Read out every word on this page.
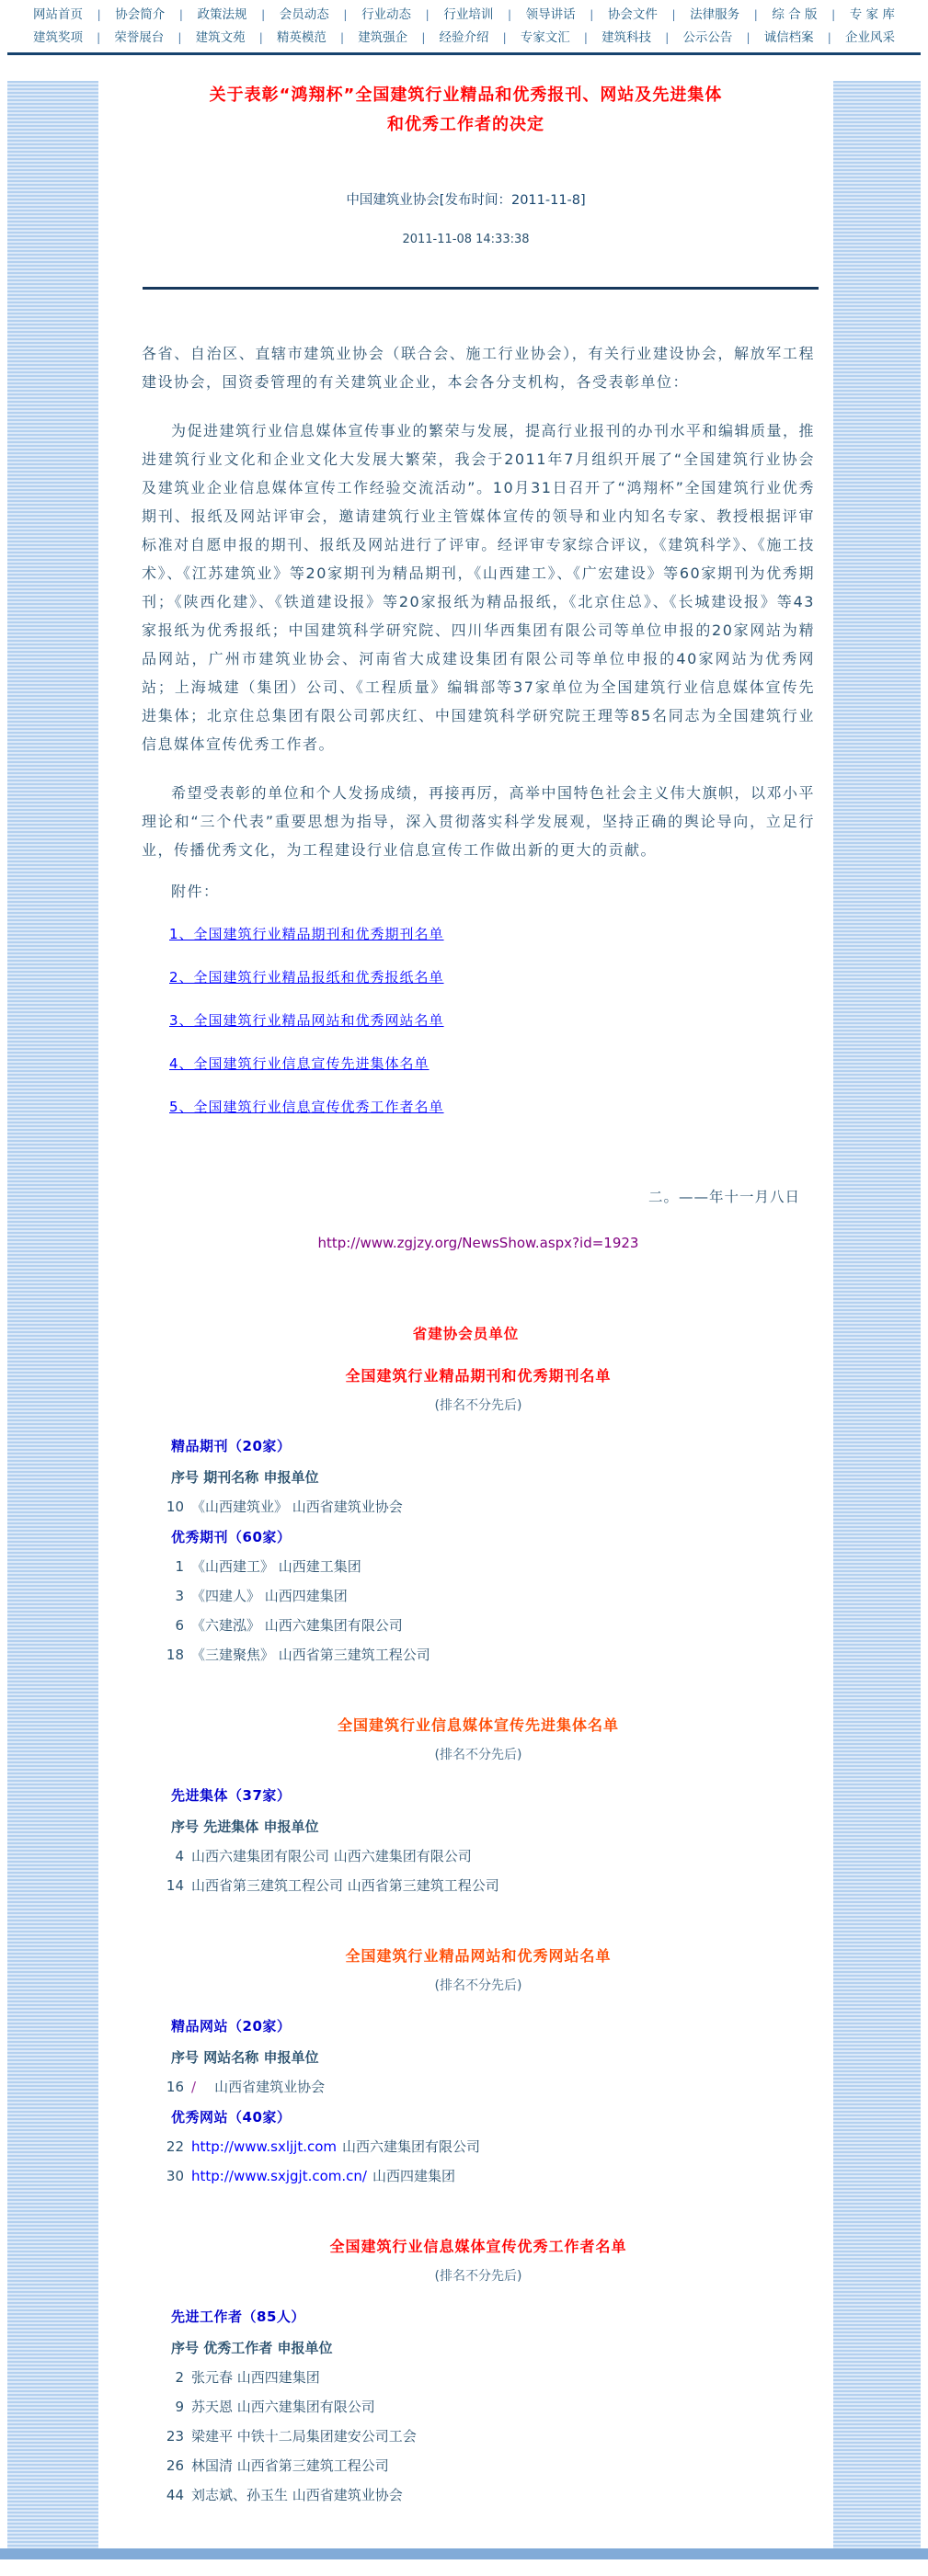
网站首页 | 协会简介 | 政策法规 | 会员动态 | 行业动态 | 行业培训 | 领导讲话 | 协会文件 | 法律服务 | 综 合 版 | 专 家 库
建筑奖项 | 荣誉展台 | 建筑文苑 | 精英模范 | 建筑强企 | 经验介绍 | 专家文汇 | 建筑科技 | 公示公告 | 诚信档案 | 企业风采
关于表彰“鸿翔杯”全国建筑行业精品和优秀报刊、网站及先进集体和优秀工作者的决定
中国建筑业协会[发布时间：2011-11-8]
2011-11-08 14:33:38

各省、自治区、直辖市建筑业协会（联合会、施工行业协会），有关行业建设协会，解放军工程建设协会，国资委管理的有关建筑业企业，本会各分支机构，各受表彰单位：

为促进建筑行业信息媒体宣传事业的繁荣与发展，提高行业报刊的办刊水平和编辑质量，推进建筑行业文化和企业文化大发展大繁荣，我会于2011年7月组织开展了“全国建筑行业协会及建筑业企业信息媒体宣传工作经验交流活动”。10月31日召开了“鸿翔杯”全国建筑行业优秀期刊、报纸及网站评审会，邀请建筑行业主管媒体宣传的领导和业内知名专家、教授根据评审标准对自愿申报的期刊、报纸及网站进行了评审。经评审专家综合评议，《建筑科学》、《施工技术》、《江苏建筑业》等20家期刊为精品期刊，《山西建工》、《广宏建设》等60家期刊为优秀期刊；《陕西化建》、《铁道建设报》等20家报纸为精品报纸，《北京住总》、《长城建设报》等43家报纸为优秀报纸；中国建筑科学研究院、四川华西集团有限公司等单位申报的20家网站为精品网站，广州市建筑业协会、河南省大成建设集团有限公司等单位申报的40家网站为优秀网站；上海城建（集团）公司、《工程质量》编辑部等37家单位为全国建筑行业信息媒体宣传先进集体；北京住总集团有限公司郭庆红、中国建筑科学研究院王理等85名同志为全国建筑行业信息媒体宣传优秀工作者。

希望受表彰的单位和个人发扬成绩，再接再厉，高举中国特色社会主义伟大旗帜，以邓小平理论和“三个代表”重要思想为指导，深入贯彻落实科学发展观，坚持正确的舆论导向，立足行业，传播优秀文化，为工程建设行业信息宣传工作做出新的更大的贡献。

附件：

1、全国建筑行业精品期刊和优秀期刊名单

2、全国建筑行业精品报纸和优秀报纸名单

3、全国建筑行业精品网站和优秀网站名单

4、全国建筑行业信息宣传先进集体名单

5、全国建筑行业信息宣传优秀工作者名单

二。——年十一月八日

http://www.zgjzy.org/NewsShow.aspx?id=1923

省建协会员单位
全国建筑行业精品期刊和优秀期刊名单

(排名不分先后)

精品期刊（20家）

序号 期刊名称 申报单位

10 《山西建筑业》 山西省建筑业协会

优秀期刊（60家）

1 《山西建工》 山西建工集团

3 《四建人》 山西四建集团

6 《六建泓》 山西六建集团有限公司

18 《三建聚焦》 山西省第三建筑工程公司

全国建筑行业信息媒体宣传先进集体名单

(排名不分先后)

先进集体（37家）

序号 先进集体 申报单位

4 山西六建集团有限公司 山西六建集团有限公司

14 山西省第三建筑工程公司 山西省第三建筑工程公司

全国建筑行业精品网站和优秀网站名单

(排名不分先后)

精品网站（20家）

序号 网站名称 申报单位

16 / 山西省建筑业协会

优秀网站（40家）

22 http://www.sxljjt.com 山西六建集团有限公司

30 http://www.sxjgjt.com.cn/ 山西四建集团

全国建筑行业信息媒体宣传优秀工作者名单

(排名不分先后)

先进工作者（85人）

序号 优秀工作者 申报单位

2 张元春 山西四建集团

9 苏天恩 山西六建集团有限公司

23 梁建平 中铁十二局集团建安公司工会

26 林国清 山西省第三建筑工程公司

44 刘志斌、孙玉生 山西省建筑业协会
